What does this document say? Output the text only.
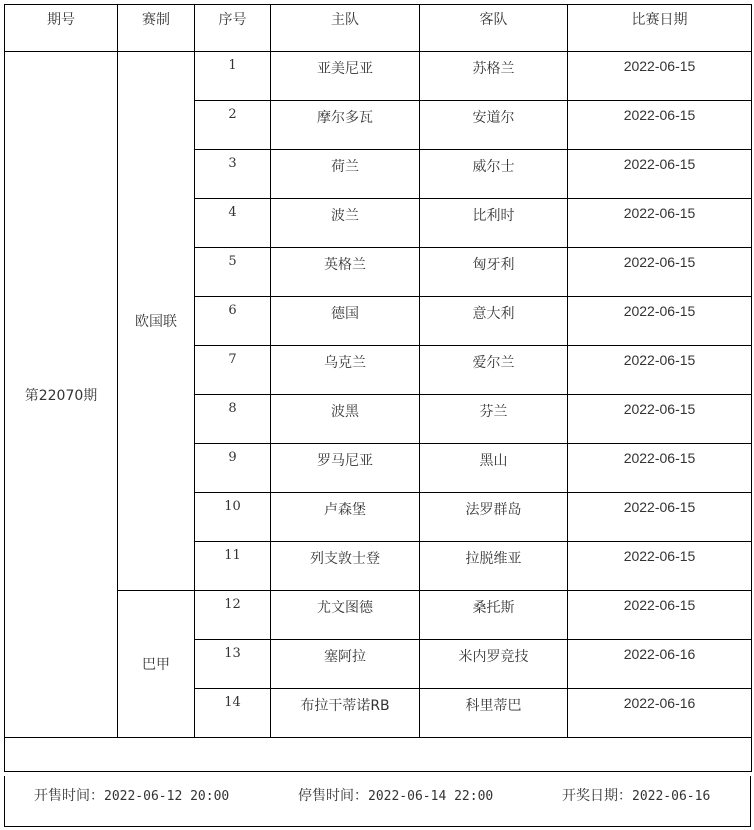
期号	赛制	序号	主队	客队	比赛日期
第22070期	欧国联	1	亚美尼亚	苏格兰	2022-06-15
		2	摩尔多瓦	安道尔	2022-06-15
		3	荷兰	威尔士	2022-06-15
		4	波兰	比利时	2022-06-15
		5	英格兰	匈牙利	2022-06-15
		6	德国	意大利	2022-06-15
		7	乌克兰	爱尔兰	2022-06-15
		8	波黑	芬兰	2022-06-15
		9	罗马尼亚	黑山	2022-06-15
		10	卢森堡	法罗群岛	2022-06-15
		11	列支敦士登	拉脱维亚	2022-06-15
	巴甲	12	尤文图德	桑托斯	2022-06-15
		13	塞阿拉	米内罗竞技	2022-06-16
		14	布拉干蒂诺RB	科里蒂巴	2022-06-16

开售时间：2022-06-12 20:00	停售时间：2022-06-14 22:00	开奖日期：2022-06-16
